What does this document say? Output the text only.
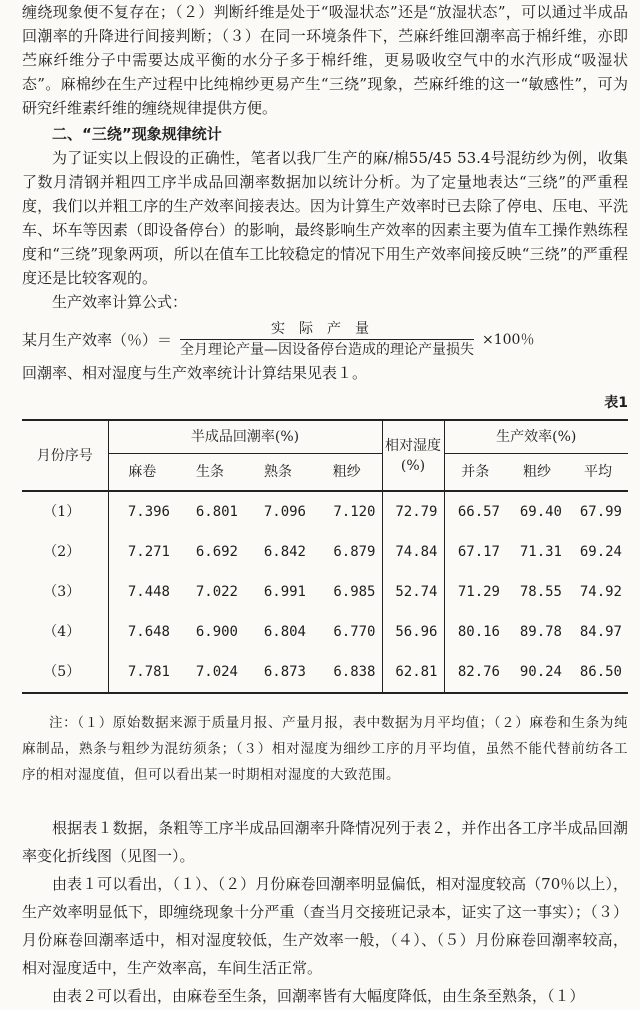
缠绕现象便不复存在；（２）判断纤维是处于“吸湿状态”还是“放湿状态”，可以通过半成品回潮率的升降进行间接判断；（３）在同一环境条件下，苎麻纤维回潮率高于棉纤维，亦即苎麻纤维分子中需要达成平衡的水分子多于棉纤维，更易吸收空气中的水汽形成“吸湿状态”。麻棉纱在生产过程中比纯棉纱更易产生“三绕”现象，苎麻纤维的这一“敏感性”，可为研究纤维素纤维的缠绕规律提供方便。

二、“三绕”现象规律统计

为了证实以上假设的正确性，笔者以我厂生产的麻/棉55/45 53.4号混纺纱为例，收集了数月清钢并粗四工序半成品回潮率数据加以统计分析。为了定量地表达“三绕”的严重程度，我们以并粗工序的生产效率间接表达。因为计算生产效率时已去除了停电、压电、平洗车、坏车等因素（即设备停台）的影响，最终影响生产效率的因素主要为值车工操作熟练程度和“三绕”现象两项，所以在值车工比较稳定的情况下用生产效率间接反映“三绕”的严重程度还是比较客观的。

生产效率计算公式：

某月生产效率（％）＝ $\frac{\text{实际产量}}{\text{全月理论产量—因设备停台造成的理论产量损失}} \times 100$％

回潮率、相对湿度与生产效率统计计算结果见表１。

表1
月份序号	半成品回潮率(%)				相对湿度(%)	生产效率(%)		
	麻卷	生条	熟条	粗纱		并条	粗纱	平均
（1）	7.396	6.801	7.096	7.120	72.79	66.57	69.40	67.99
（2）	7.271	6.692	6.842	6.879	74.84	67.17	71.31	69.24
（3）	7.448	7.022	6.991	6.985	52.74	71.29	78.55	74.92
（4）	7.648	6.900	6.804	6.770	56.96	80.16	89.78	84.97
（5）	7.781	7.024	6.873	6.838	62.81	82.76	90.24	86.50

注：（１）原始数据来源于质量月报、产量月报，表中数据为月平均值；（２）麻卷和生条为纯麻制品，熟条与粗纱为混纺须条；（３）相对湿度为细纱工序的月平均值，虽然不能代替前纺各工序的相对湿度值，但可以看出某一时期相对湿度的大致范围。

根据表１数据，条粗等工序半成品回潮率升降情况列于表２，并作出各工序半成品回潮率变化折线图（见图一）。

由表１可以看出，（１）、（２）月份麻卷回潮率明显偏低，相对湿度较高（70％以上），生产效率明显低下，即缠绕现象十分严重（查当月交接班记录本，证实了这一事实）；（３）月份麻卷回潮率适中，相对湿度较低，生产效率一般，（４）、（５）月份麻卷回潮率较高，相对湿度适中，生产效率高，车间生活正常。

由表２可以看出，由麻卷至生条，回潮率皆有大幅度降低，由生条至熟条，（１）
